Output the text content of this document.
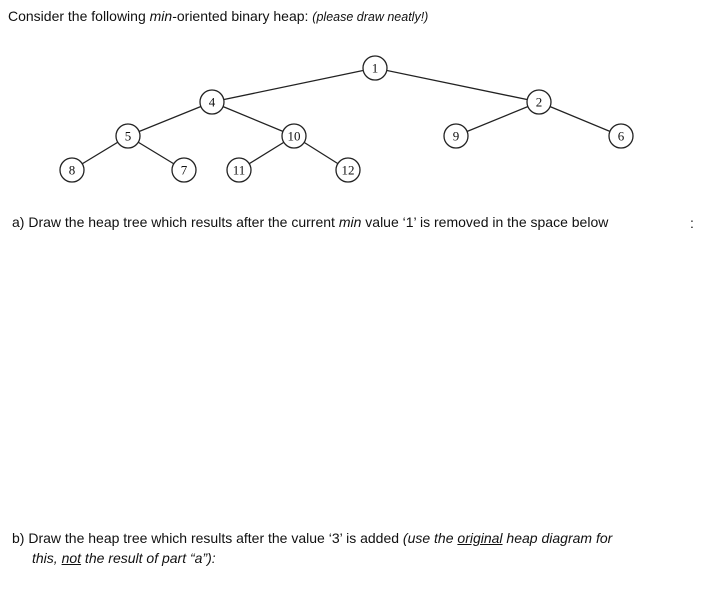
Consider the following min-oriented binary heap: (please draw neatly!)
1
4	2
5	10	9	6
8	7	11	12
a) Draw the heap tree which results after the current min value ‘1’ is removed in the space below	:
b) Draw the heap tree which results after the value ‘3’ is added (use the original heap diagram for
this, not the result of part “a”):
